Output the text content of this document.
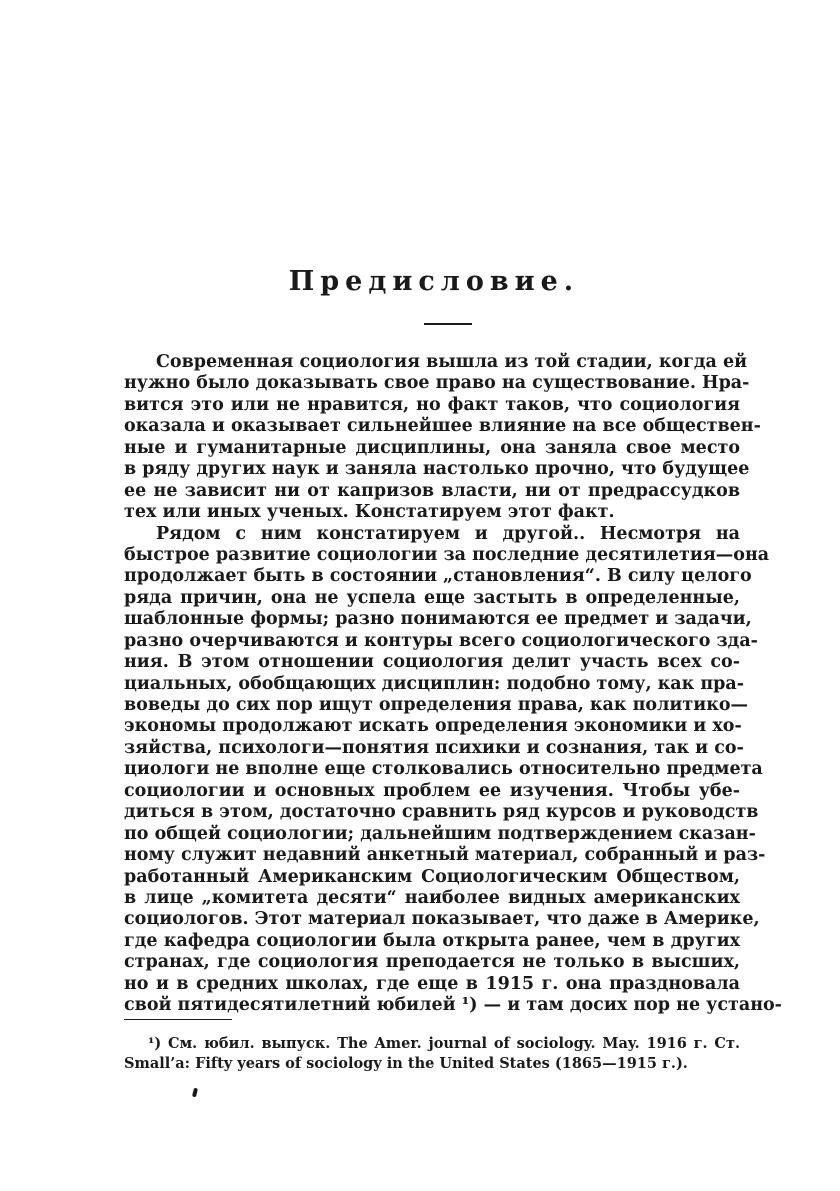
Предисловие.
Современная социология вышла из той стадии, когда ей
нужно было доказывать свое право на существование. Нра-
вится это или не нравится, но факт таков, что социология
оказала и оказывает сильнейшее влияние на все обществен-
ные и гуманитарные дисциплины, она заняла свое место
в ряду других наук и заняла настолько прочно, что будущее
ее не зависит ни от капризов власти, ни от предрассудков
тех или иных ученых. Констатируем этот факт.
Рядом с ним констатируем и другой.. Несмотря на
быстрое развитие социологии за последние десятилетия—она
продолжает быть в состоянии „становления“. В силу целого
ряда причин, она не успела еще застыть в определенные,
шаблонные формы; разно понимаются ее предмет и задачи,
разно очерчиваются и контуры всего социологического зда-
ния. В этом отношении социология делит участь всех со-
циальных, обобщающих дисциплин: подобно тому, как пра-
воведы до сих пор ищут определения права, как политико—
экономы продолжают искать определения экономики и хо-
зяйства, психологи—понятия психики и сознания, так и со-
циологи не вполне еще столковались относительно предмета
социологии и основных проблем ее изучения. Чтобы убе-
диться в этом, достаточно сравнить ряд курсов и руководств
по общей социологии; дальнейшим подтверждением сказан-
ному служит недавний анкетный материал, собранный и раз-
работанный Американским Социологическим Обществом,
в лице „комитета десяти“ наиболее видных американских
социологов. Этот материал показывает, что даже в Америке,
где кафедра социологии была открыта ранее, чем в других
странах, где социология преподается не только в высших,
но и в средних школах, где еще в 1915 г. она праздновала
свой пятидесятилетний юбилей ¹) — и там досих пор не устано-
¹) См. юбил. выпуск. The Amer. journal of sociology. May. 1916 г. Ст.
Small’a: Fifty years of sociology in the United States (1865—1915 г.).
